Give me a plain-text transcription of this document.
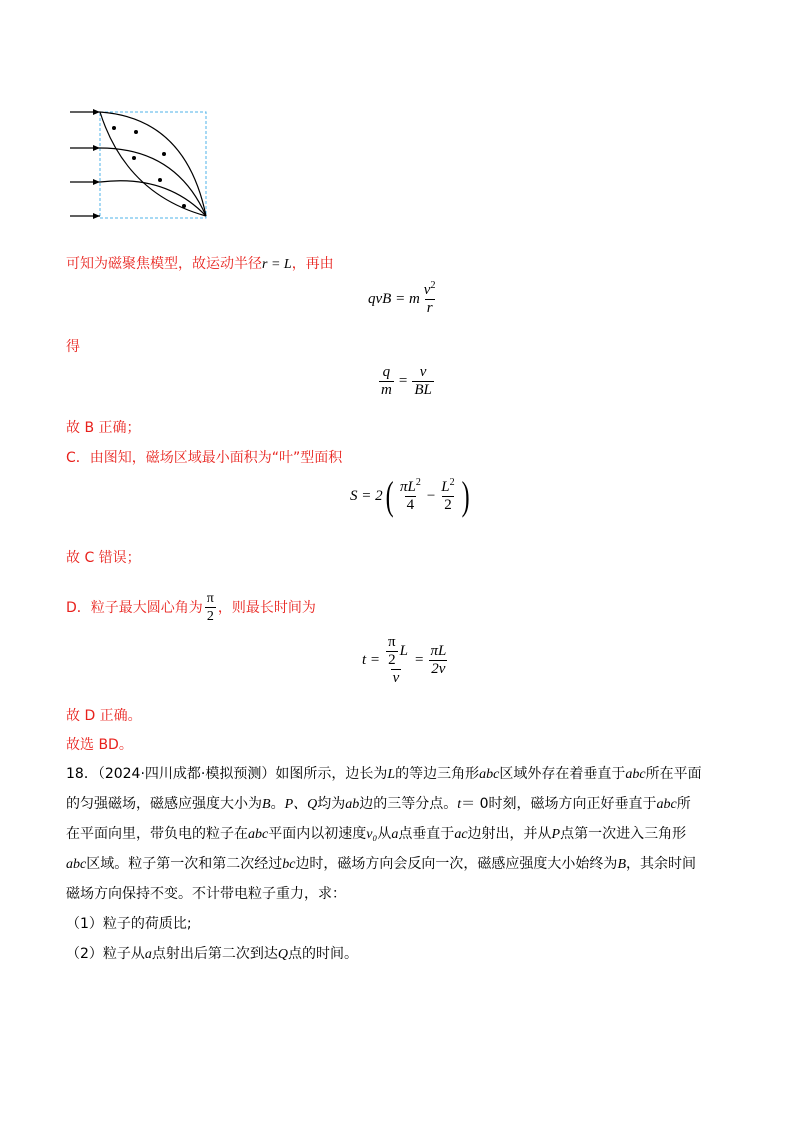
可知为磁聚焦模型，故运动半径r = L，再由
qvB = m $\frac{v^2}{r}$
得
$\frac{q}{m} = \frac{v}{BL}$
故 B 正确；
C．由图知，磁场区域最小面积为“叶”型面积
S = 2 ( $\frac{\pi L^2}{4} - \frac{L^2}{2}$ )
故 C 错误；
D．粒子最大圆心角为 $\frac{\pi}{2}$ ，则最长时间为
$t = \frac{\frac{\pi}{2} L}{v} = \frac{\pi L}{2v}$
故 D 正确。
故选 BD。
18．（2024·四川成都·模拟预测）如图所示，边长为L的等边三角形abc区域外存在着垂直于abc所在平面
的匀强磁场，磁感应强度大小为B。P、Q均为ab边的三等分点。t＝ 0时刻，磁场方向正好垂直于abc所
在平面向里，带负电的粒子在abc平面内以初速度v₀从a点垂直于ac边射出，并从P点第一次进入三角形
abc区域。粒子第一次和第二次经过bc边时，磁场方向会反向一次，磁感应强度大小始终为B，其余时间
磁场方向保持不变。不计带电粒子重力，求：
（1）粒子的荷质比;
（2）粒子从a点射出后第二次到达Q点的时间。
